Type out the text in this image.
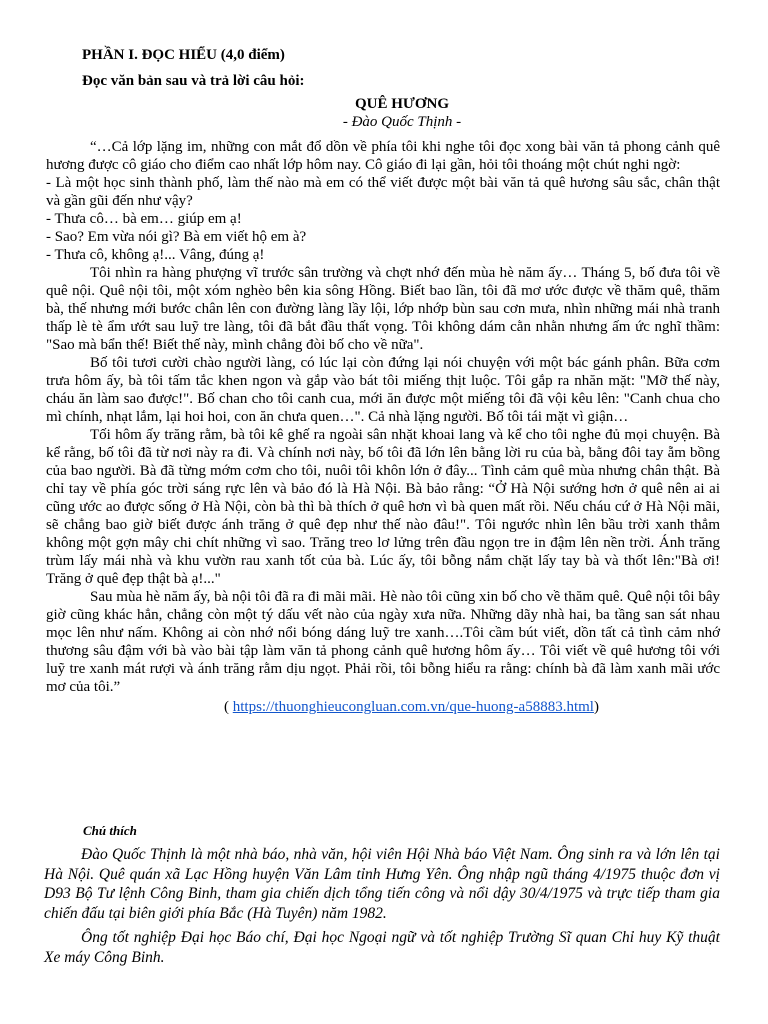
PHẦN I. ĐỌC HIỂU (4,0 điểm)

Đọc văn bản sau và trả lời câu hỏi:

QUÊ HƯƠNG

- Đào Quốc Thịnh -

“…Cả lớp lặng im, những con mắt đổ dồn về phía tôi khi nghe tôi đọc xong bài văn tả phong cảnh quê hương được cô giáo cho điểm cao nhất lớp hôm nay. Cô giáo đi lại gần, hỏi tôi thoáng một chút nghi ngờ:

- Là một học sinh thành phố, làm thế nào mà em có thể viết được một bài văn tả quê hương sâu sắc, chân thật và gần gũi đến như vậy?

- Thưa cô… bà em… giúp em ạ!

- Sao? Em vừa nói gì? Bà em viết hộ em à?

- Thưa cô, không ạ!... Vâng, đúng ạ!

Tôi nhìn ra hàng phượng vĩ trước sân trường và chợt nhớ đến mùa hè năm ấy… Tháng 5, bố đưa tôi về quê nội. Quê nội tôi, một xóm nghèo bên kia sông Hồng. Biết bao lần, tôi đã mơ ước được về thăm quê, thăm bà, thế nhưng mới bước chân lên con đường làng lầy lội, lớp nhớp bùn sau cơn mưa, nhìn những mái nhà tranh thấp lè tè ẩm ướt sau luỹ tre làng, tôi đã bắt đầu thất vọng. Tôi không dám cằn nhằn nhưng ấm ức nghĩ thầm: "Sao mà bẩn thế! Biết thế này, mình chẳng đòi bố cho về nữa".

Bố tôi tươi cười chào người làng, có lúc lại còn đứng lại nói chuyện với một bác gánh phân. Bữa cơm trưa hôm ấy, bà tôi tấm tắc khen ngon và gắp vào bát tôi miếng thịt luộc. Tôi gắp ra nhăn mặt: "Mỡ thế này, cháu ăn làm sao được!". Bố chan cho tôi canh cua, mới ăn được một miếng tôi đã vội kêu lên: "Canh chua cho mì chính, nhạt lắm, lại hoi hoi, con ăn chưa quen…". Cả nhà lặng người. Bố tôi tái mặt vì giận…

Tối hôm ấy trăng rằm, bà tôi kê ghế ra ngoài sân nhặt khoai lang và kể cho tôi nghe đủ mọi chuyện. Bà kể rằng, bố tôi đã từ nơi này ra đi. Và chính nơi này, bố tôi đã lớn lên bằng lời ru của bà, bằng đôi tay ẵm bồng của bao người. Bà đã từng mớm cơm cho tôi, nuôi tôi khôn lớn ở đây... Tình cảm quê mùa nhưng chân thật. Bà chỉ tay về phía góc trời sáng rực lên và bảo đó là Hà Nội. Bà bảo rằng: “Ở Hà Nội sướng hơn ở quê nên ai ai cũng ước ao được sống ở Hà Nội, còn bà thì bà thích ở quê hơn vì bà quen mất rồi. Nếu cháu cứ ở Hà Nội mãi, sẽ chẳng bao giờ biết được ánh trăng ở quê đẹp như thế nào đâu!". Tôi ngước nhìn lên bầu trời xanh thẳm không một gợn mây chi chít những vì sao. Trăng treo lơ lửng trên đầu ngọn tre in đậm lên nền trời. Ánh trăng trùm lấy mái nhà và khu vườn rau xanh tốt của bà. Lúc ấy, tôi bỗng nắm chặt lấy tay bà và thốt lên:"Bà ơi! Trăng ở quê đẹp thật bà ạ!..."

Sau mùa hè năm ấy, bà nội tôi đã ra đi mãi mãi. Hè nào tôi cũng xin bố cho về thăm quê. Quê nội tôi bây giờ cũng khác hẳn, chẳng còn một tý dấu vết nào của ngày xưa nữa. Những dãy nhà hai, ba tầng san sát nhau mọc lên như nấm. Không ai còn nhớ nổi bóng dáng luỹ tre xanh….Tôi cầm bút viết, dồn tất cả tình cảm nhớ thương sâu đậm với bà vào bài tập làm văn tả phong cảnh quê hương hôm ấy… Tôi viết về quê hương tôi với luỹ tre xanh mát rượi và ánh trăng rằm dịu ngọt. Phải rồi, tôi bỗng hiểu ra rằng: chính bà đã làm xanh mãi ước mơ của tôi.”

( https://thuonghieucongluan.com.vn/que-huong-a58883.html)

Chú thích

Đào Quốc Thịnh là một nhà báo, nhà văn, hội viên Hội Nhà báo Việt Nam. Ông sinh ra và lớn lên tại Hà Nội. Quê quán xã Lạc Hồng huyện Văn Lâm tỉnh Hưng Yên. Ông nhập ngũ tháng 4/1975 thuộc đơn vị D93 Bộ Tư lệnh Công Binh, tham gia chiến dịch tổng tiến công và nổi dậy 30/4/1975 và trực tiếp tham gia chiến đấu tại biên giới phía Bắc (Hà Tuyên) năm 1982.

Ông tốt nghiệp Đại học Báo chí, Đại học Ngoại ngữ và tốt nghiệp Trường Sĩ quan Chỉ huy Kỹ thuật Xe máy Công Binh.
